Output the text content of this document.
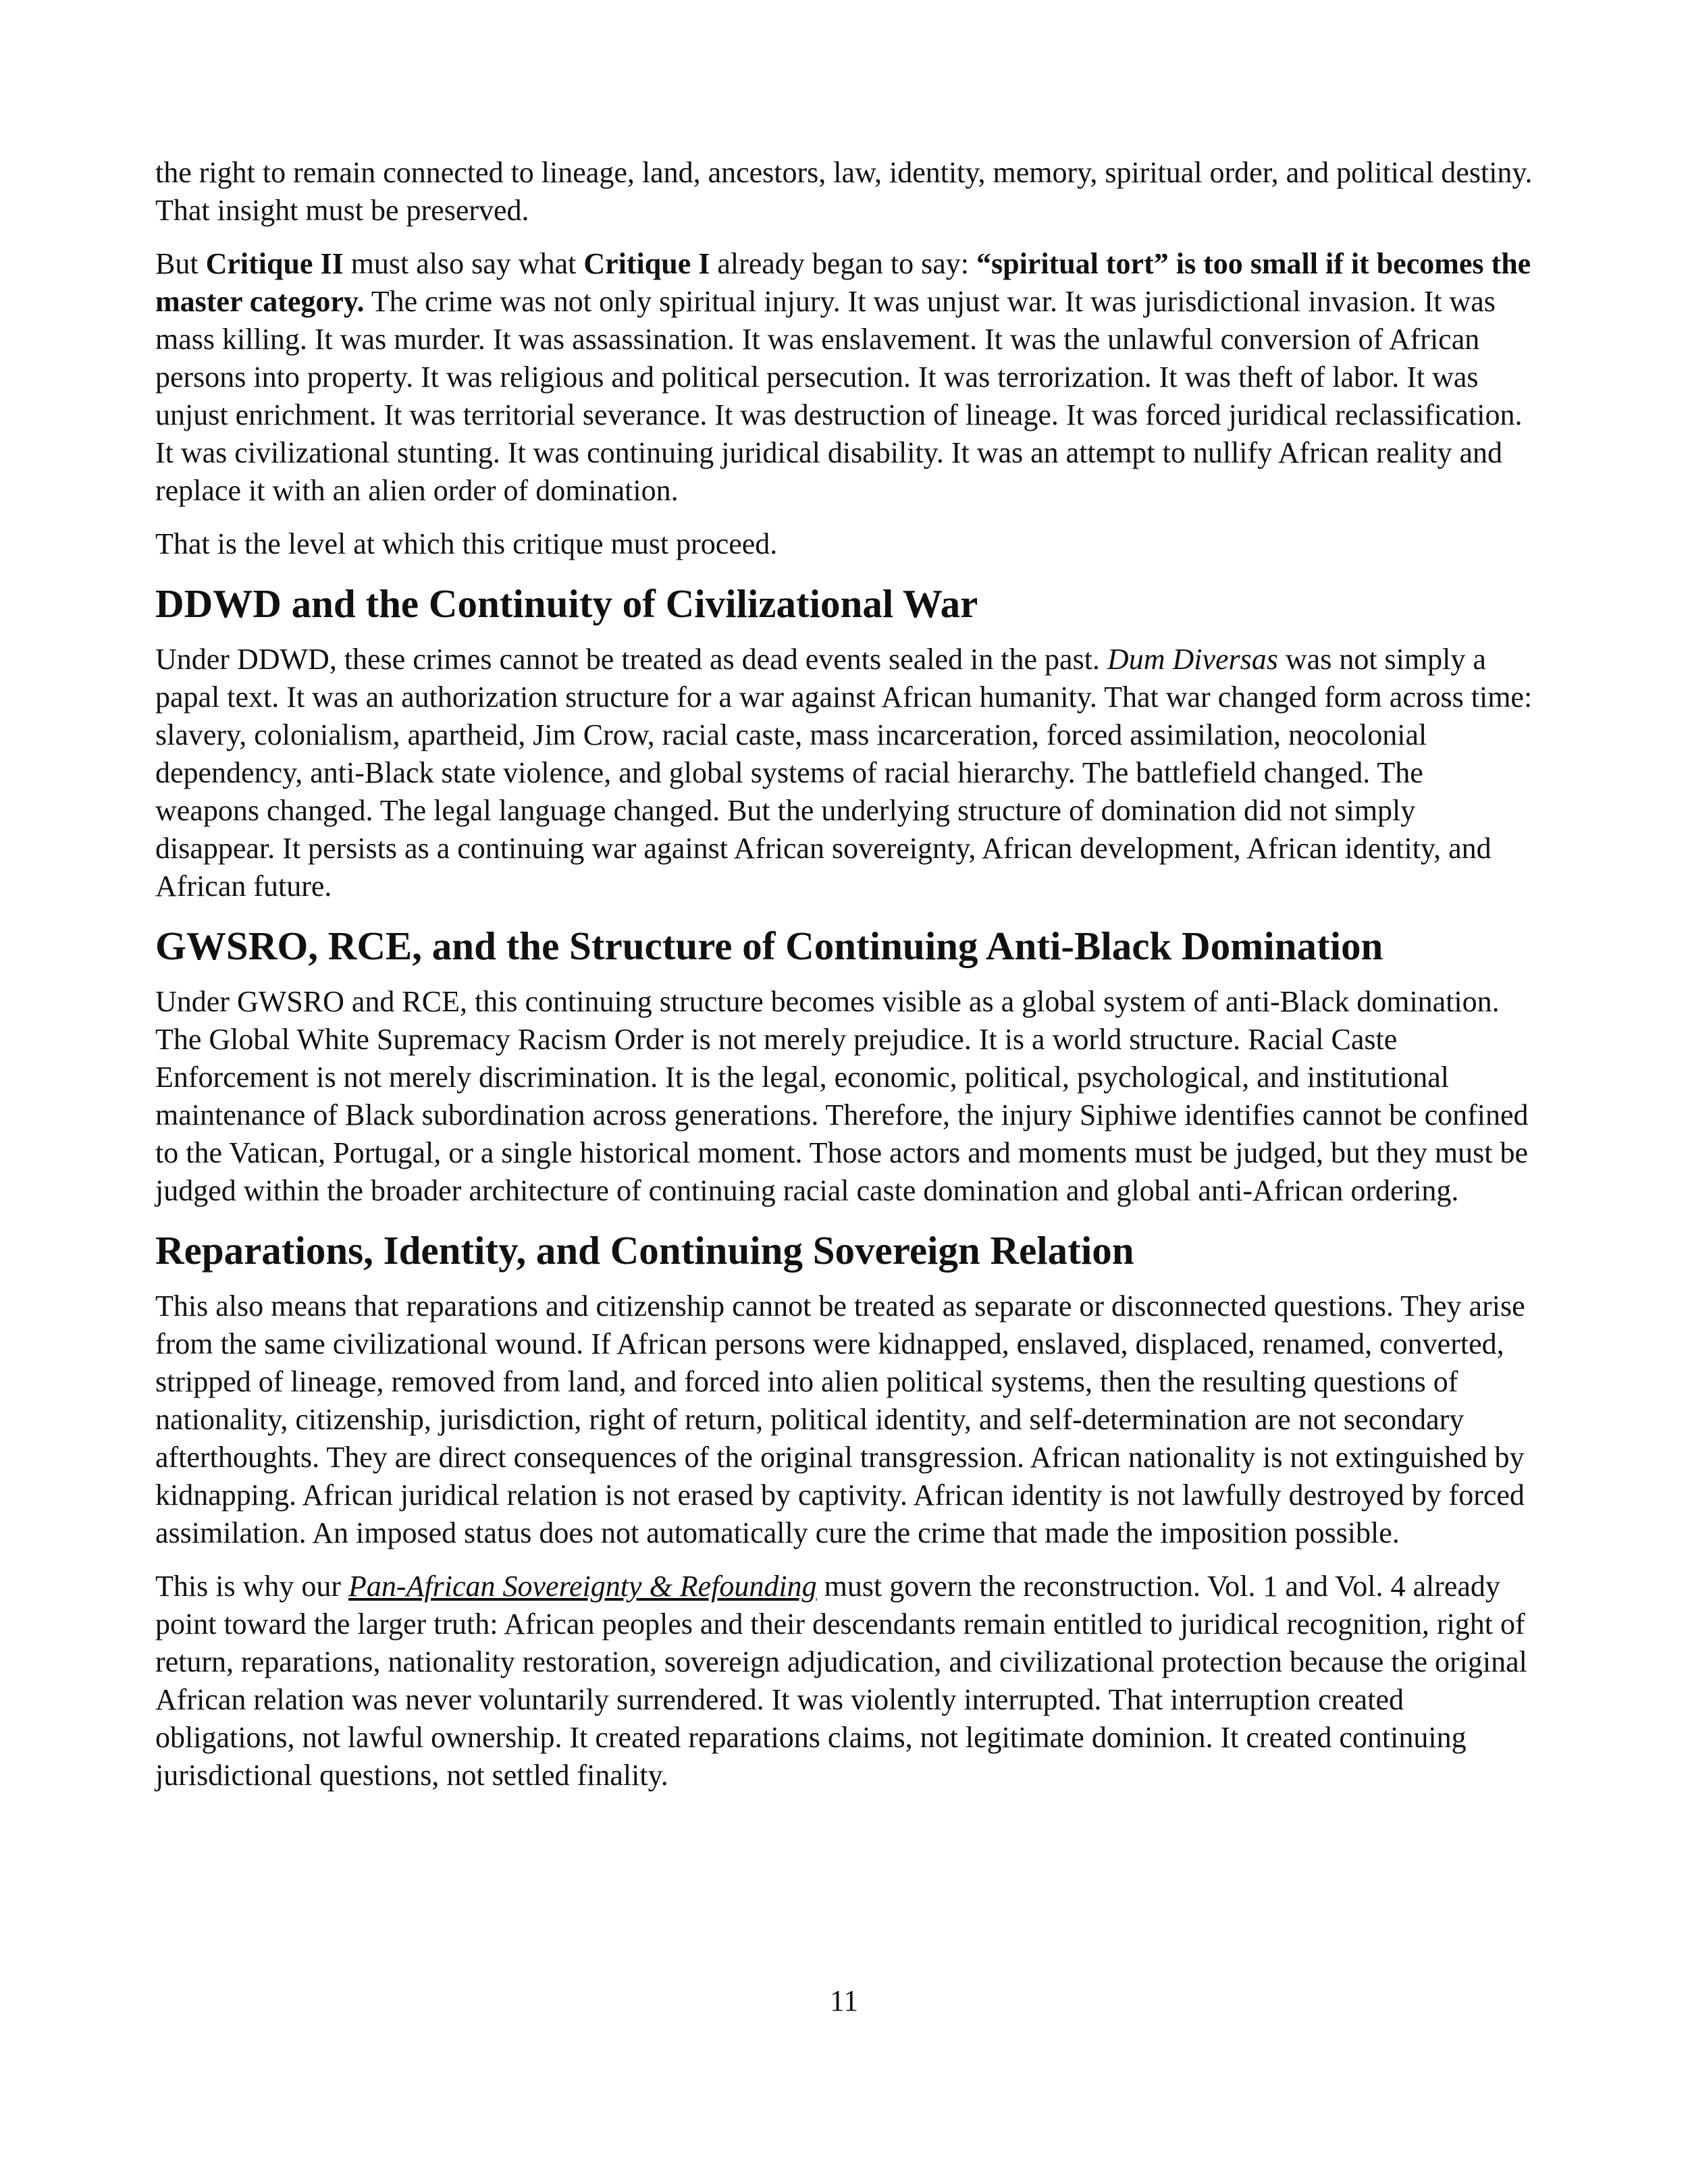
the right to remain connected to lineage, land, ancestors, law, identity, memory, spiritual order, and political destiny. That insight must be preserved.

But Critique II must also say what Critique I already began to say: “spiritual tort” is too small if it becomes the master category. The crime was not only spiritual injury. It was unjust war. It was jurisdictional invasion. It was mass killing. It was murder. It was assassination. It was enslavement. It was the unlawful conversion of African persons into property. It was religious and political persecution. It was terrorization. It was theft of labor. It was unjust enrichment. It was territorial severance. It was destruction of lineage. It was forced juridical reclassification. It was civilizational stunting. It was continuing juridical disability. It was an attempt to nullify African reality and replace it with an alien order of domination.

That is the level at which this critique must proceed.

DDWD and the Continuity of Civilizational War

Under DDWD, these crimes cannot be treated as dead events sealed in the past. Dum Diversas was not simply a papal text. It was an authorization structure for a war against African humanity. That war changed form across time: slavery, colonialism, apartheid, Jim Crow, racial caste, mass incarceration, forced assimilation, neocolonial dependency, anti-Black state violence, and global systems of racial hierarchy. The battlefield changed. The weapons changed. The legal language changed. But the underlying structure of domination did not simply disappear. It persists as a continuing war against African sovereignty, African development, African identity, and African future.

GWSRO, RCE, and the Structure of Continuing Anti-Black Domination

Under GWSRO and RCE, this continuing structure becomes visible as a global system of anti-Black domination. The Global White Supremacy Racism Order is not merely prejudice. It is a world structure. Racial Caste Enforcement is not merely discrimination. It is the legal, economic, political, psychological, and institutional maintenance of Black subordination across generations. Therefore, the injury Siphiwe identifies cannot be confined to the Vatican, Portugal, or a single historical moment. Those actors and moments must be judged, but they must be judged within the broader architecture of continuing racial caste domination and global anti-African ordering.

Reparations, Identity, and Continuing Sovereign Relation

This also means that reparations and citizenship cannot be treated as separate or disconnected questions. They arise from the same civilizational wound. If African persons were kidnapped, enslaved, displaced, renamed, converted, stripped of lineage, removed from land, and forced into alien political systems, then the resulting questions of nationality, citizenship, jurisdiction, right of return, political identity, and self-determination are not secondary afterthoughts. They are direct consequences of the original transgression. African nationality is not extinguished by kidnapping. African juridical relation is not erased by captivity. African identity is not lawfully destroyed by forced assimilation. An imposed status does not automatically cure the crime that made the imposition possible.

This is why our Pan-African Sovereignty & Refounding must govern the reconstruction. Vol. 1 and Vol. 4 already point toward the larger truth: African peoples and their descendants remain entitled to juridical recognition, right of return, reparations, nationality restoration, sovereign adjudication, and civilizational protection because the original African relation was never voluntarily surrendered. It was violently interrupted. That interruption created obligations, not lawful ownership. It created reparations claims, not legitimate dominion. It created continuing jurisdictional questions, not settled finality.

11
